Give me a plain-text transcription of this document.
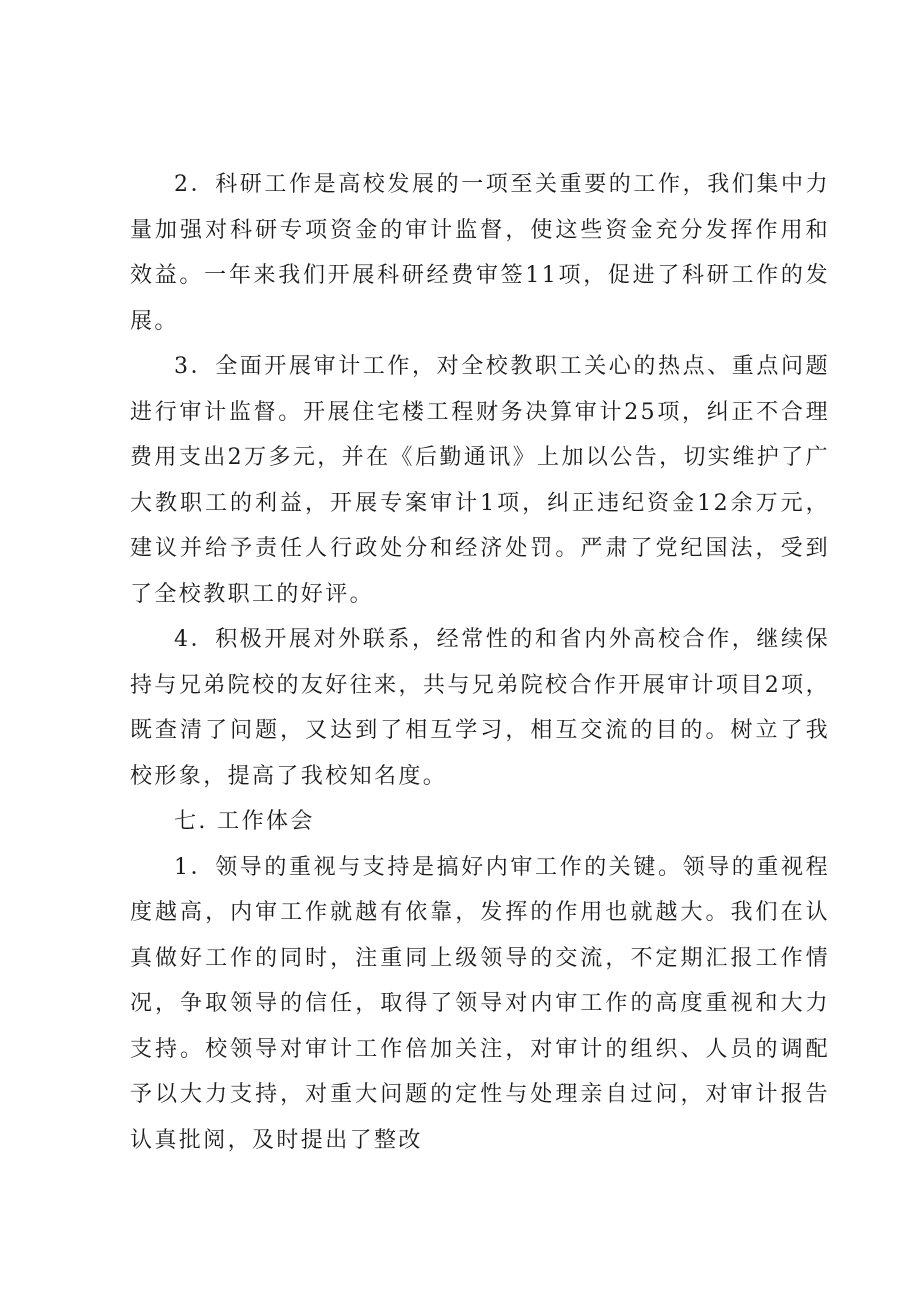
2．科研工作是高校发展的一项至关重要的工作，我们集中力量加强对科研专项资金的审计监督，使这些资金充分发挥作用和效益。一年来我们开展科研经费审签11项，促进了科研工作的发展。

3．全面开展审计工作，对全校教职工关心的热点、重点问题进行审计监督。开展住宅楼工程财务决算审计25项，纠正不合理费用支出2万多元，并在《后勤通讯》上加以公告，切实维护了广大教职工的利益，开展专案审计1项，纠正违纪资金12余万元，建议并给予责任人行政处分和经济处罚。严肃了党纪国法，受到了全校教职工的好评。

4．积极开展对外联系，经常性的和省内外高校合作，继续保持与兄弟院校的友好往来，共与兄弟院校合作开展审计项目2项，既查清了问题，又达到了相互学习，相互交流的目的。树立了我校形象，提高了我校知名度。

七. 工作体会

1．领导的重视与支持是搞好内审工作的关键。领导的重视程度越高，内审工作就越有依靠，发挥的作用也就越大。我们在认真做好工作的同时，注重同上级领导的交流，不定期汇报工作情况，争取领导的信任，取得了领导对内审工作的高度重视和大力支持。校领导对审计工作倍加关注，对审计的组织、人员的调配予以大力支持，对重大问题的定性与处理亲自过问，对审计报告认真批阅，及时提出了整改
